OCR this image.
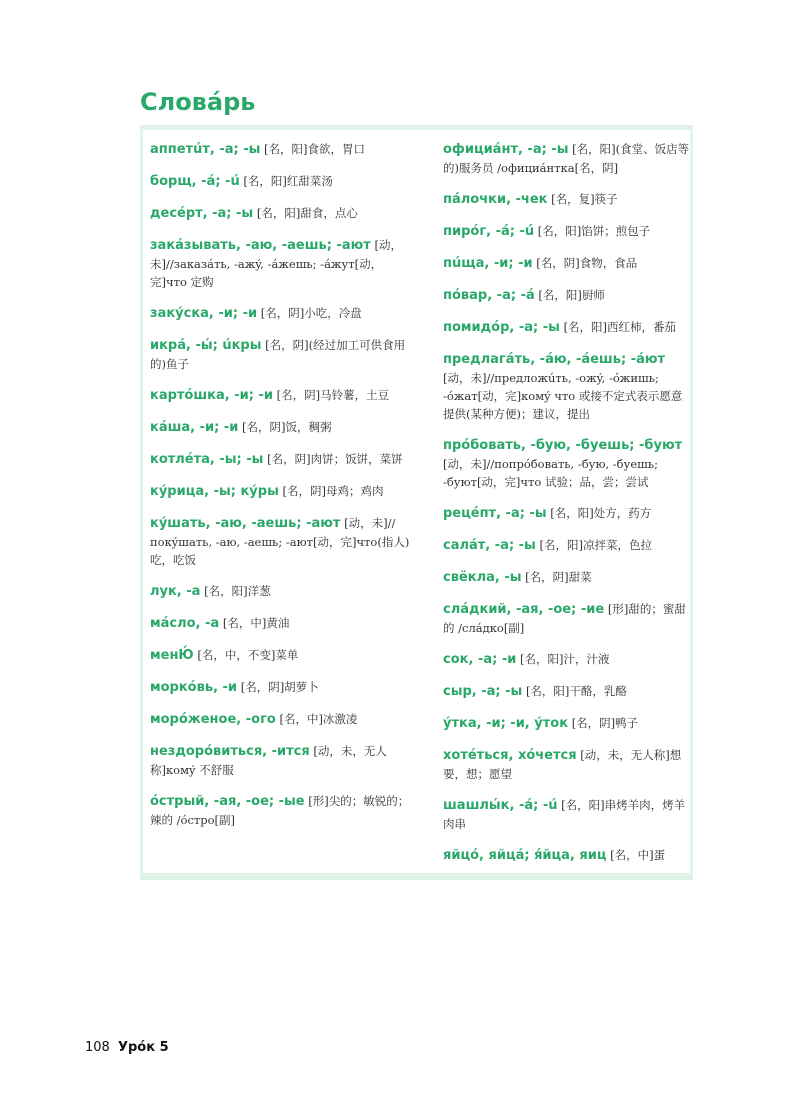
Словáрь
аппетúт, -а; -ы [名，阳]食欲，胃口
борщ, -á; -ú [名，阳]红甜菜汤
десéрт, -а; -ы [名，阳]甜食，点心
закáзывать, -аю, -аешь; -ают [动，未]//заказáть, -ажý, -áжешь; -áжут[动，完]что 定购
закýска, -и; -и [名，阴]小吃，冷盘
икрá, -ы́; úкры [名，阴](经过加工可供食用的)鱼子
картóшка, -и; -и [名，阴]马铃薯，土豆
кáша, -и; -и [名，阴]饭，稠粥
котлéта, -ы; -ы [名，阴]肉饼；饭饼，菜饼
кýрица, -ы; кýры [名，阴]母鸡；鸡肉
кýшать, -аю, -аешь; -ают [动，未]//покýшать, -аю, -аешь; -ают[动，完]что(指人)吃，吃饭
лук, -а [名，阳]洋葱
мáсло, -а [名，中]黄油
менЮ́ [名，中，不变]菜单
морко́вь, -и [名，阴]胡萝卜
морóженое, -ого [名，中]冰激凌
нездорóвиться, -ится [动，未，无人称]комý 不舒服
óстрый, -ая, -ое; -ые [形]尖的；敏锐的；辣的 /óстро[副]
официáнт, -а; -ы [名，阳](食堂、饭店等的)服务员 /официáнтка[名，阴]
пáлочки, -чек [名，复]筷子
пирóг, -á; -ú [名，阳]馅饼；煎包子
пúща, -и; -и [名，阴]食物，食品
пóвар, -а; -á [名，阳]厨师
помидóр, -а; -ы [名，阳]西红柿，番茄
предлагáть, -áю, -áешь; -áют[动，未]//предложúть, -ожý, -óжишь; -óжат[动，完]комý что 或接不定式表示愿意提供(某种方便)；建议，提出
прóбовать, -бую, -буешь; -буют[动，未]//попрóбовать, -бую, -буешь; -буют[动，完]что 试验；品，尝；尝试
рецéпт, -а; -ы [名，阳]处方，药方
салáт, -а; -ы [名，阳]凉拌菜，色拉
свёкла, -ы [名，阴]甜菜
слáдкий, -ая, -ое; -ие [形]甜的；蜜甜的 /слáдко[副]
сок, -а; -и [名，阳]汁，汁液
сыр, -а; -ы [名，阳]干酪，乳酪
ýтка, -и; -и, ýток [名，阴]鸭子
хотéться, хóчется [动，未，无人称]想要，想；愿望
шашлы́к, -á; -ú [名，阳]串烤羊肉，烤羊肉串
яйцó, яйцá; я́йца, яиц [名，中]蛋
108 Урóк 5
